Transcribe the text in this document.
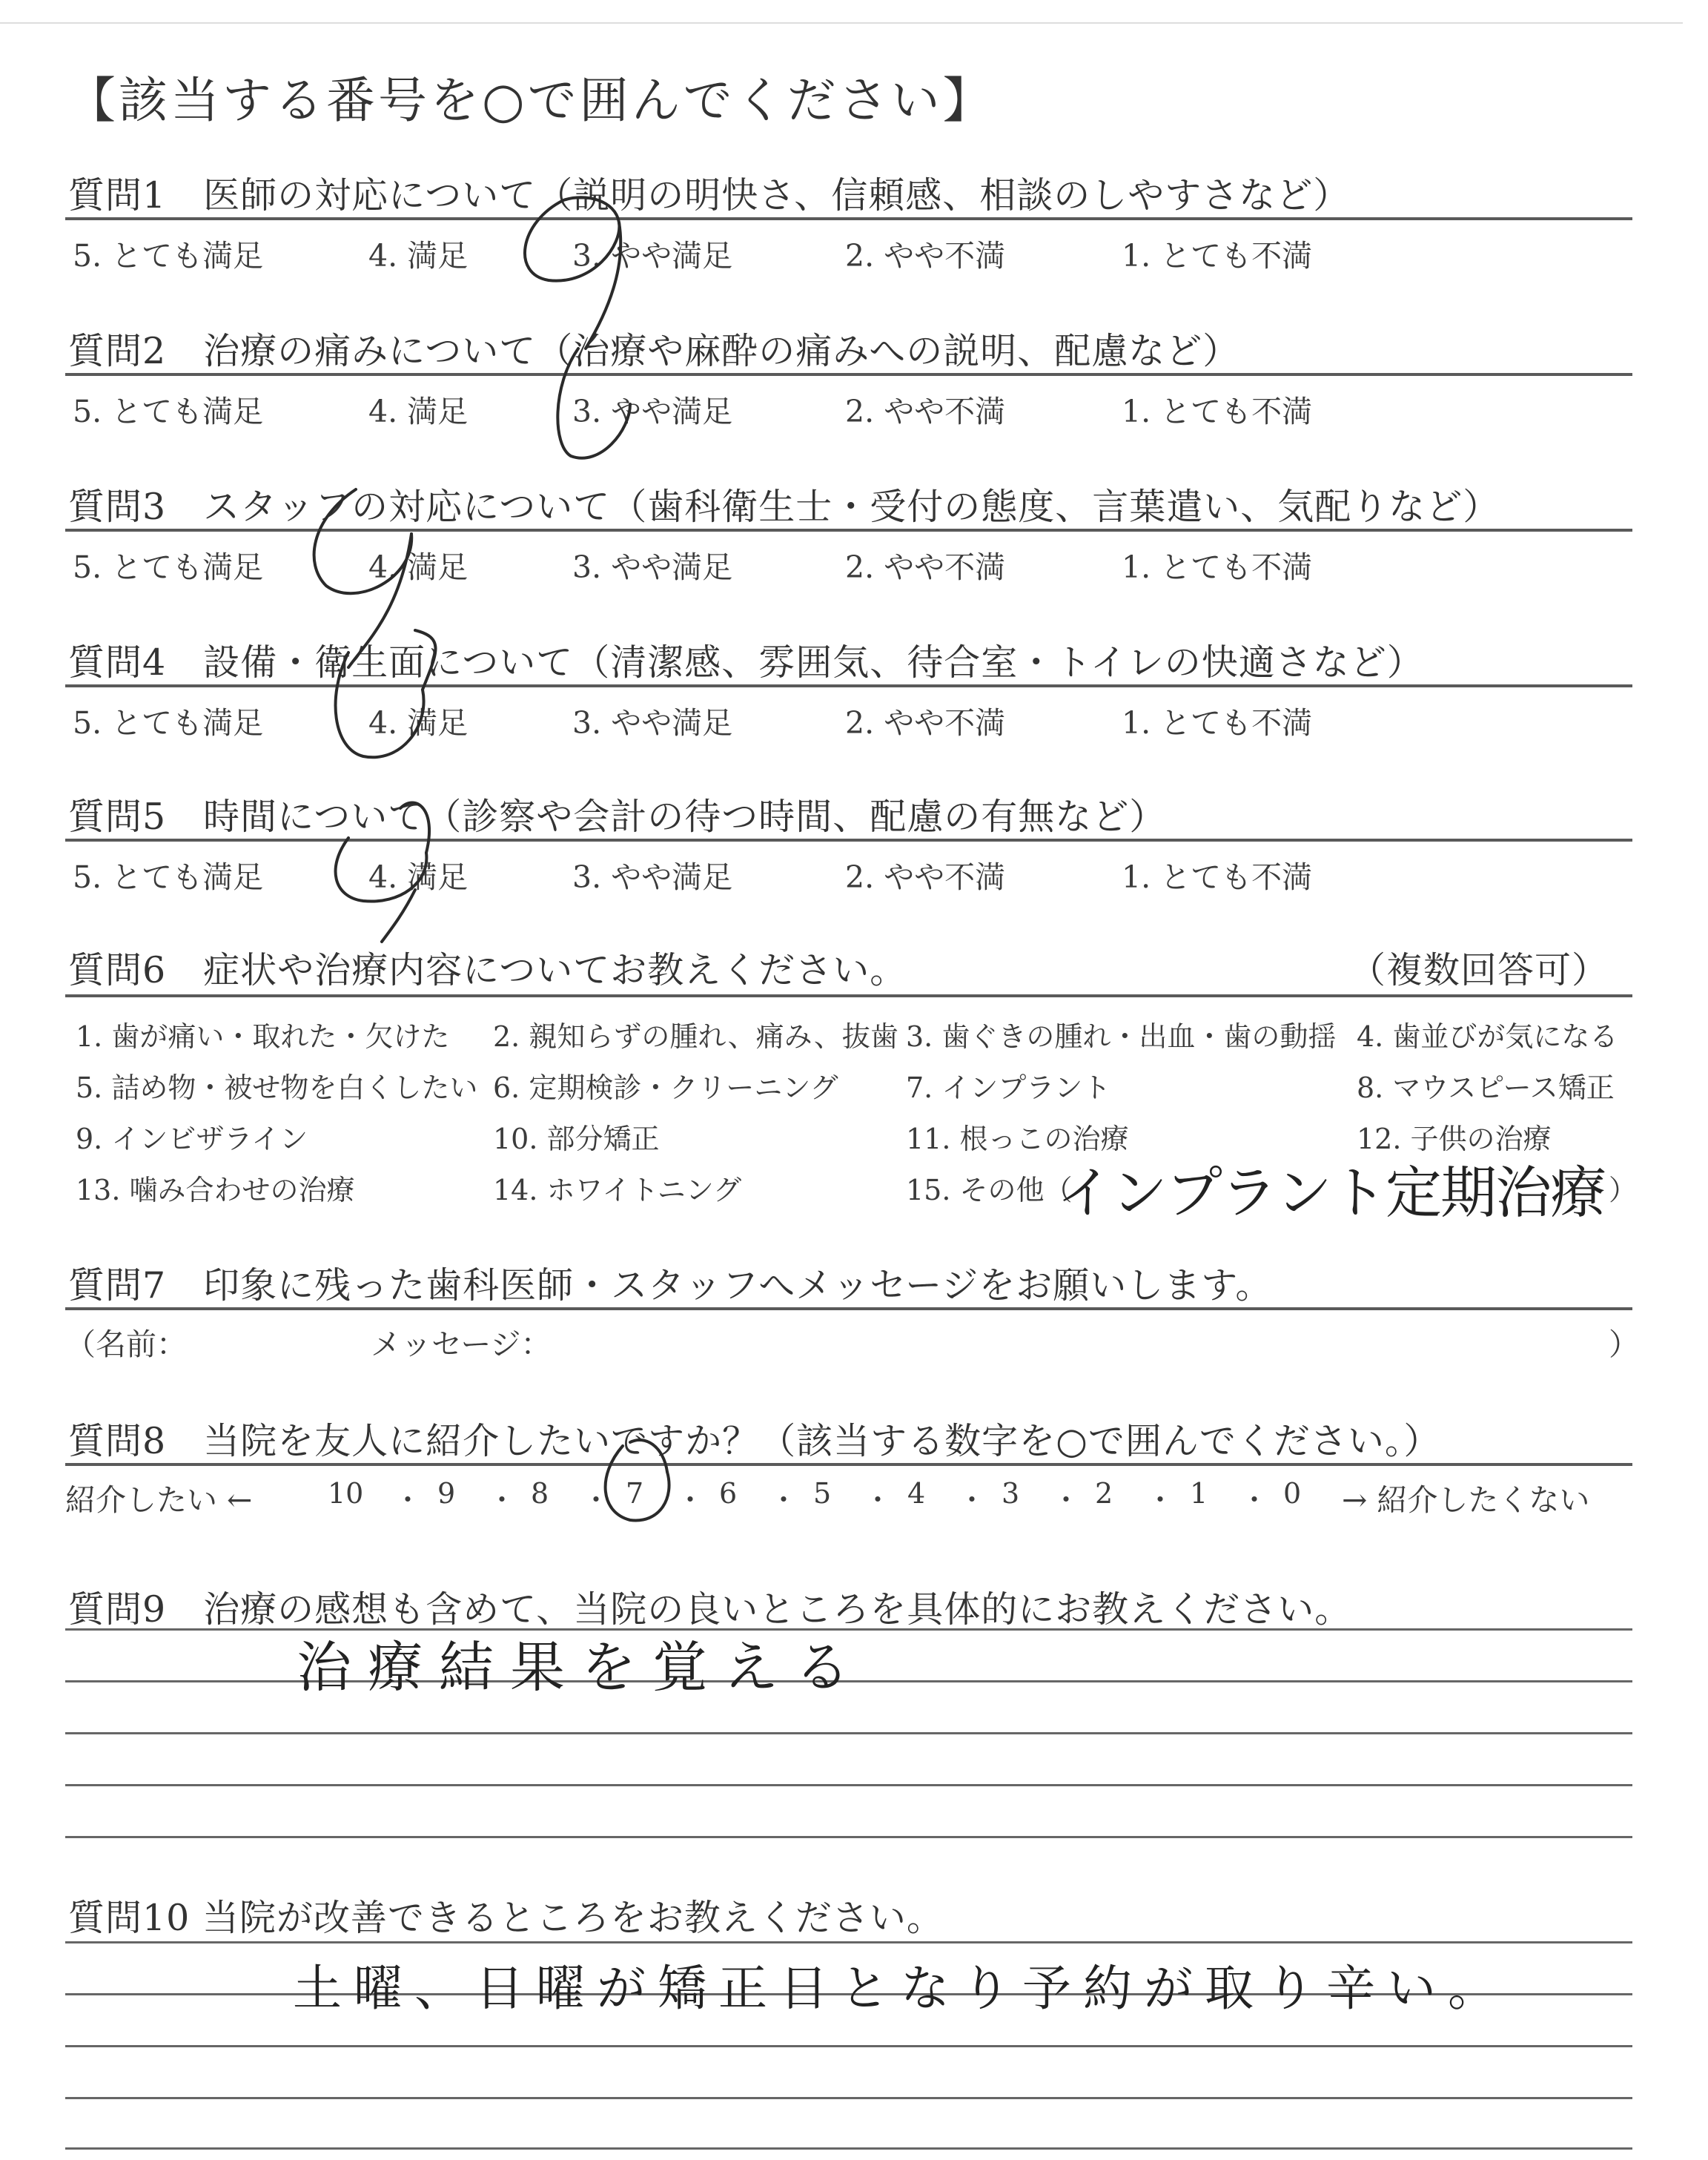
【該当する番号を○で囲んでください】
質問1　医師の対応について（説明の明快さ、信頼感、相談のしやすさなど）
5. とても満足	4. 満足	3. やや満足	2. やや不満	1. とても不満
質問2　治療の痛みについて（治療や麻酔の痛みへの説明、配慮など）
5. とても満足	4. 満足	3. やや満足	2. やや不満	1. とても不満
質問3　スタッフの対応について（歯科衛生士・受付の態度、言葉遣い、気配りなど）
5. とても満足	4. 満足	3. やや満足	2. やや不満	1. とても不満
質問4　設備・衛生面について（清潔感、雰囲気、待合室・トイレの快適さなど）
5. とても満足	4. 満足	3. やや満足	2. やや不満	1. とても不満
質問5　時間について（診察や会計の待つ時間、配慮の有無など）
5. とても満足	4. 満足	3. やや満足	2. やや不満	1. とても不満
質問6　症状や治療内容についてお教えください。	（複数回答可）
1. 歯が痛い・取れた・欠けた 2. 親知らずの腫れ、痛み、抜歯 3. 歯ぐきの腫れ・出血・歯の動揺 4. 歯並びが気になる
5. 詰め物・被せ物を白くしたい 6. 定期検診・クリーニング 7. インプラント	8. マウスピース矯正
9. インビザライン	10. 部分矯正	11. 根っこの治療	12. 子供の治療
13. 噛み合わせの治療	14. ホワイトニング	15. その他（
インプラント定期治療 ）
質問7　印象に残った歯科医師・スタッフへメッセージをお願いします。
（名前：	メッセージ：	）
質問8　当院を友人に紹介したいですか？（該当する数字を○で囲んでください。）
紹介したい ←	10 ・ 9 ・ 8 ・ 7 ・ 6 ・ 5 ・ 4 ・ 3 ・ 2 ・ 1 ・ 0 → 紹介したくない
質問9　治療の感想も含めて、当院の良いところを具体的にお教えください。
治療結果を覚える
質問10 当院が改善できるところをお教えください。
土曜、日曜が矯正日となり予約が取り辛い。
